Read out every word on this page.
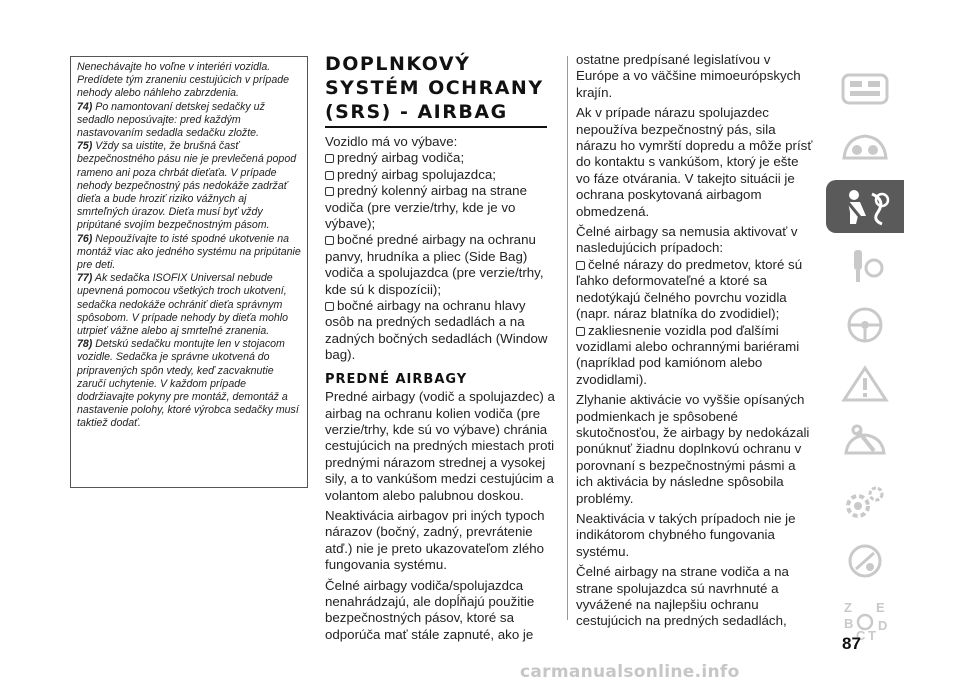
Nenechávajte ho voľne v interiéri vozidla. Predídete tým zraneniu cestujúcich v prípade nehody alebo náhleho zabrzdenia.

74) Po namontovaní detskej sedačky už sedadlo neposúvajte: pred každým nastavovaním sedadla sedačku zložte.

75) Vždy sa uistite, že brušná časť bezpečnostného pásu nie je prevlečená popod rameno ani poza chrbát dieťaťa. V prípade nehody bezpečnostný pás nedokáže zadržať dieťa a bude hroziť riziko vážnych aj smrteľných úrazov. Dieťa musí byť vždy pripútané svojím bezpečnostným pásom.

76) Nepoužívajte to isté spodné ukotvenie na montáž viac ako jedného systému na pripútanie pre deti.

77) Ak sedačka ISOFIX Universal nebude upevnená pomocou všetkých troch ukotvení, sedačka nedokáže ochrániť dieťa správnym spôsobom. V prípade nehody by dieťa mohlo utrpieť vážne alebo aj smrteľné zranenia.

78) Detskú sedačku montujte len v stojacom vozidle. Sedačka je správne ukotvená do pripravených spôn vtedy, keď zacvaknutie zaručí uchytenie. V každom prípade dodržiavajte pokyny pre montáž, demontáž a nastavenie polohy, ktoré výrobca sedačky musí taktiež dodať.

DOPLNKOVÝ
SYSTÉM OCHRANY
(SRS) - AIRBAG

Vozidlo má vo výbave:

predný airbag vodiča;

predný airbag spolujazdca;

predný kolenný airbag na strane vodiča (pre verzie/trhy, kde je vo výbave);

bočné predné airbagy na ochranu panvy, hrudníka a pliec (Side Bag) vodiča a spolujazdca (pre verzie/trhy, kde sú k dispozícii);

bočné airbagy na ochranu hlavy osôb na predných sedadlách a na zadných bočných sedadlách (Window bag).

PREDNÉ AIRBAGY

Predné airbagy (vodič a spolujazdec) a airbag na ochranu kolien vodiča (pre verzie/trhy, kde sú vo výbave) chránia cestujúcich na predných miestach proti prednými nárazom strednej a vysokej sily, a to vankúšom medzi cestujúcim a volantom alebo palubnou doskou.

Neaktivácia airbagov pri iných typoch nárazov (bočný, zadný, prevrátenie atď.) nie je preto ukazovateľom zlého fungovania systému.

Čelné airbagy vodiča/spolujazdca nenahrádzajú, ale dopĺňajú použitie bezpečnostných pásov, ktoré sa odporúča mať stále zapnuté, ako je

ostatne predpísané legislatívou v Európe a vo väčšine mimoeurópskych krajín.

Ak v prípade nárazu spolujazdec nepoužíva bezpečnostný pás, sila nárazu ho vymrští dopredu a môže prísť do kontaktu s vankúšom, ktorý je ešte vo fáze otvárania. V takejto situácii je ochrana poskytovaná airbagom obmedzená.

Čelné airbagy sa nemusia aktivovať v nasledujúcich prípadoch:

čelné nárazy do predmetov, ktoré sú ľahko deformovateľné a ktoré sa nedotýkajú čelného povrchu vozidla (napr. náraz blatníka do zvodidiel);

zakliesnenie vozidla pod ďalšími vozidlami alebo ochrannými bariérami (napríklad pod kamiónom alebo zvodidlami).

Zlyhanie aktivácie vo vyššie opísaných podmienkach je spôsobené skutočnosťou, že airbagy by nedokázali ponúknuť žiadnu doplnkovú ochranu v porovnaní s bezpečnostnými pásmi a ich aktivácia by následne spôsobila problémy.

Neaktivácia v takých prípadoch nie je indikátorom chybného fungovania systému.

Čelné airbagy na strane vodiča a na strane spolujazdca sú navrhnuté a vyvážené na najlepšiu ochranu cestujúcich na predných sedadlách,

Z E
B
C
D
T
87
carmanualsonline.info
